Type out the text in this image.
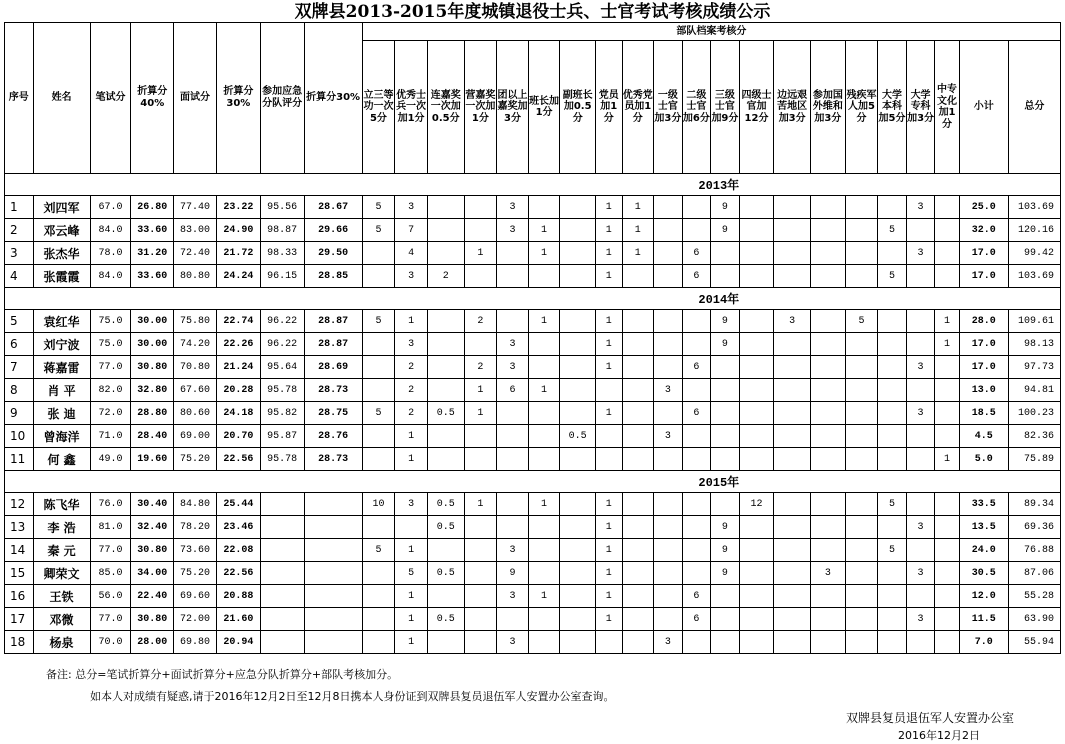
双牌县2013-2015年度城镇退役士兵、士官考试考核成绩公示
序号	姓名	笔试分	折算分40%	面试分	折算分30%	参加应急分队评分	折算分30%	部队档案考核分																				
								立三等功一次5分	优秀士兵一次加1分	连嘉奖一次加0.5分	营嘉奖一次加1分	团以上嘉奖加3分	班长加1分	副班长加0.5分	党员加1分	优秀党员加1分	一级士官加3分	二级士官加6分	三级士官加9分	四级士官加12分	边远艰苦地区加3分	参加国外维和加3分	残疾军人加5分	大学本科加5分	大学专科加3分	中专文化加1分	小计	总分
2013年																												
1	刘四军	67.0	26.80	77.40	23.22	95.56	28.67	5	3			3			1	1			9						3		25.0	103.69
2	邓云峰	84.0	33.60	83.00	24.90	98.87	29.66	5	7			3	1		1	1			9					5			32.0	120.16
3	张杰华	78.0	31.20	72.40	21.72	98.33	29.50		4		1		1		1	1		6							3		17.0	99.42
4	张霞霞	84.0	33.60	80.80	24.24	96.15	28.85		3	2					1			6						5			17.0	103.69
2014年																												
5	袁红华	75.0	30.00	75.80	22.74	96.22	28.87	5	1		2		1		1				9		3		5			1	28.0	109.61
6	刘宁波	75.0	30.00	74.20	22.26	96.22	28.87		3			3			1				9							1	17.0	98.13
7	蒋嘉雷	77.0	30.80	70.80	21.24	95.64	28.69		2		2	3			1			6							3		17.0	97.73
8	肖 平	82.0	32.80	67.60	20.28	95.78	28.73		2		1	6	1				3										13.0	94.81
9	张 迪	72.0	28.80	80.60	24.18	95.82	28.75	5	2	0.5	1				1			6							3		18.5	100.23
10	曾海洋	71.0	28.40	69.00	20.70	95.87	28.76		1					0.5			3										4.5	82.36
11	何 鑫	49.0	19.60	75.20	22.56	95.78	28.73		1																	1	5.0	75.89
2015年																												
12	陈飞华	76.0	30.40	84.80	25.44			10	3	0.5	1		1		1					12				5			33.5	89.34
13	李 浩	81.0	32.40	78.20	23.46					0.5					1				9						3		13.5	69.36
14	秦 元	77.0	30.80	73.60	22.08			5	1			3			1				9					5			24.0	76.88
15	卿荣文	85.0	34.00	75.20	22.56				5	0.5		9			1				9			3			3		30.5	87.06
16	王铁	56.0	22.40	69.60	20.88				1			3	1		1			6									12.0	55.28
17	邓微	77.0	30.80	72.00	21.60				1	0.5					1			6							3		11.5	63.90
18	杨泉	70.0	28.00	69.80	20.94				1			3					3										7.0	55.94
备注: 总分=笔试折算分+面试折算分+应急分队折算分+部队考核加分。
如本人对成绩有疑惑,请于2016年12月2日至12月8日携本人身份证到双牌县复员退伍军人安置办公室查询。
双牌县复员退伍军人安置办公室
2016年12月2日
